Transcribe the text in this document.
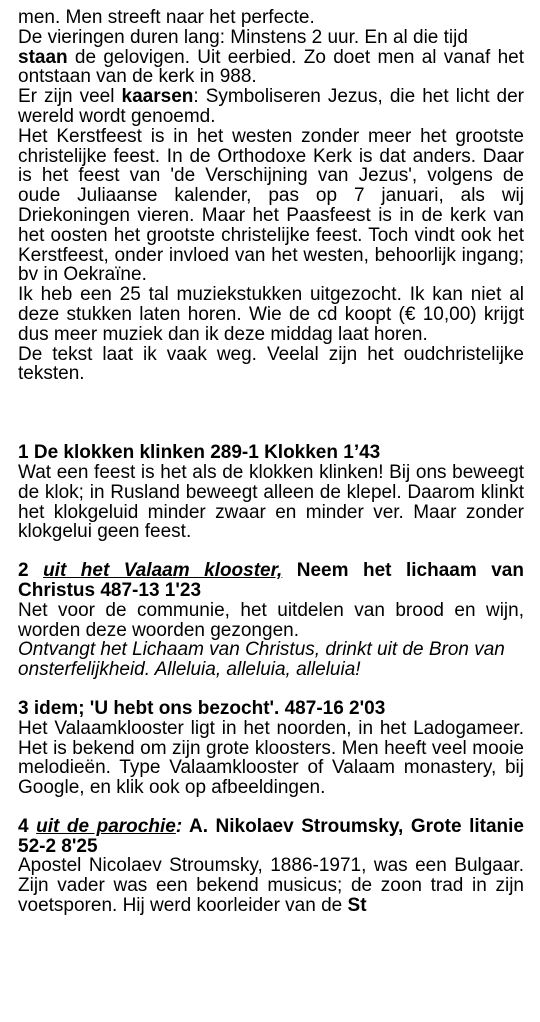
men. Men streeft naar het perfecte.

De vieringen duren lang: Minstens 2 uur. En al die tijd
staan de gelovigen. Uit eerbied. Zo doet men al vanaf het ontstaan van de kerk in 988.

Er zijn veel kaarsen: Symboliseren Jezus, die het licht der wereld wordt genoemd.

Het Kerstfeest is in het westen zonder meer het grootste christelijke feest. In de Orthodoxe Kerk is dat anders. Daar is het feest van 'de Verschijning van Jezus', volgens de oude Juliaanse kalender, pas op 7 januari, als wij Driekoningen vieren. Maar het Paasfeest is in de kerk van het oosten het grootste christelijke feest. Toch vindt ook het Kerstfeest, onder invloed van het westen, behoorlijk ingang; bv in Oekraïne.

Ik heb een 25 tal muziekstukken uitgezocht. Ik kan niet al deze stukken laten horen. Wie de cd koopt (€ 10,00) krijgt dus meer muziek dan ik deze middag laat horen.

De tekst laat ik vaak weg. Veelal zijn het oudchristelijke teksten.

1 De klokken klinken 289-1 Klokken 1’43

Wat een feest is het als de klokken klinken! Bij ons beweegt de klok; in Rusland beweegt alleen de klepel. Daarom klinkt het klokgeluid minder zwaar en minder ver. Maar zonder klokgelui geen feest.

2 uit het Valaam klooster, Neem het lichaam van Christus 487-13 1'23

Net voor de communie, het uitdelen van brood en wijn, worden deze woorden gezongen.

Ontvangt het Lichaam van Christus, drinkt uit de Bron van onsterfelijkheid. Alleluia, alleluia, alleluia!

3 idem; 'U hebt ons bezocht'. 487-16 2'03

Het Valaamklooster ligt in het noorden, in het Ladogameer. Het is bekend om zijn grote kloosters. Men heeft veel mooie melodieën. Type Valaamklooster of Valaam monastery, bij Google, en klik ook op afbeeldingen.

4 uit de parochie: A. Nikolaev Stroumsky, Grote litanie 52-2 8'25

Apostel Nicolaev Stroumsky, 1886-1971, was een Bulgaar. Zijn vader was een bekend musicus; de zoon trad in zijn voetsporen. Hij werd koorleider van de St
